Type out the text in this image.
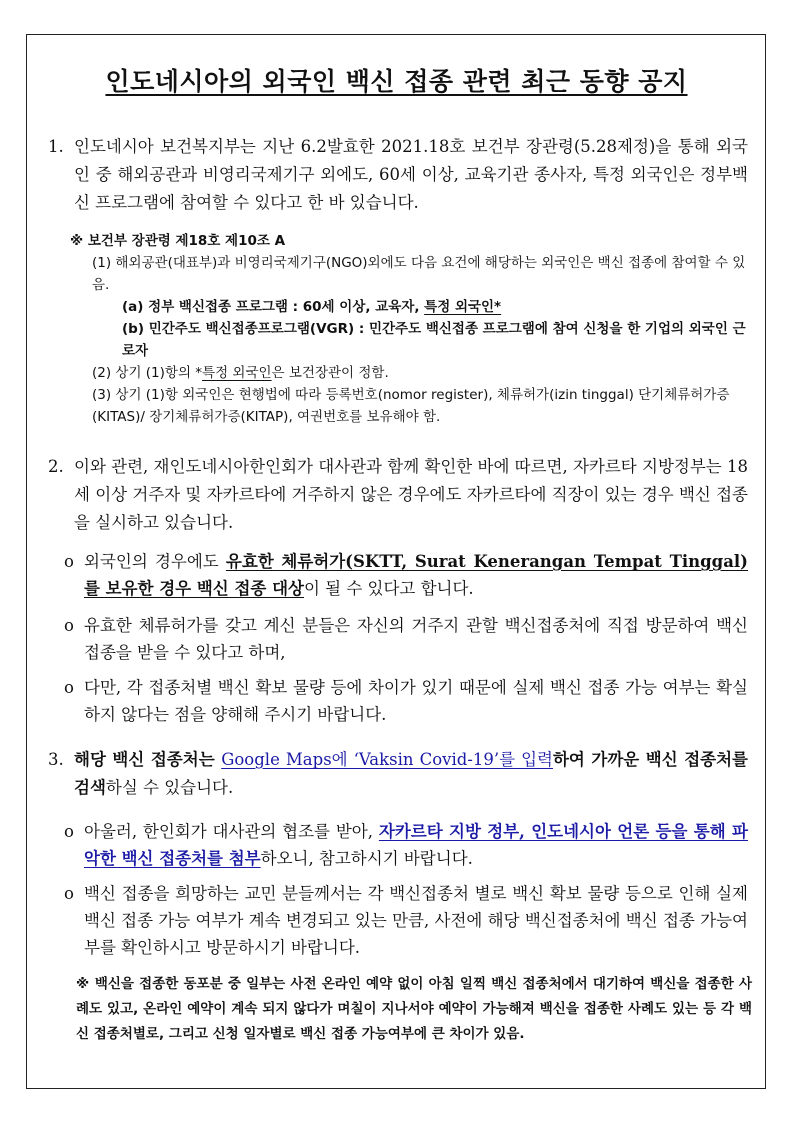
인도네시아의 외국인 백신 접종 관련 최근 동향 공지
1. 인도네시아 보건복지부는 지난 6.2발효한 2021.18호 보건부 장관령(5.28제정)을 통해 외국인 중 해외공관과 비영리국제기구 외에도, 60세 이상, 교육기관 종사자, 특정 외국인은 정부백신 프로그램에 참여할 수 있다고 한 바 있습니다.
※ 보건부 장관령 제18호 제10조 A
(1) 해외공관(대표부)과 비영리국제기구(NGO)외에도 다음 요건에 해당하는 외국인은 백신 접종에 참여할 수 있음.
(a) 정부 백신접종 프로그램 : 60세 이상, 교육자, 특정 외국인*
(b) 민간주도 백신접종프로그램(VGR) : 민간주도 백신접종 프로그램에 참여 신청을 한 기업의 외국인 근로자
(2) 상기 (1)항의 *특정 외국인은 보건장관이 정함.
(3) 상기 (1)항 외국인은 현행법에 따라 등록번호(nomor register), 체류허가(izin tinggal) 단기체류허가증(KITAS)/ 장기체류허가증(KITAP), 여권번호를 보유해야 함.
2. 이와 관련, 재인도네시아한인회가 대사관과 함께 확인한 바에 따르면, 자카르타 지방정부는 18세 이상 거주자 및 자카르타에 거주하지 않은 경우에도 자카르타에 직장이 있는 경우 백신 접종을 실시하고 있습니다.
o 외국인의 경우에도 유효한 체류허가(SKTT, Surat Kenerangan Tempat Tinggal)를 보유한 경우 백신 접종 대상이 될 수 있다고 합니다.
o 유효한 체류허가를 갖고 계신 분들은 자신의 거주지 관할 백신접종처에 직접 방문하여 백신 접종을 받을 수 있다고 하며,
o 다만, 각 접종처별 백신 확보 물량 등에 차이가 있기 때문에 실제 백신 접종 가능 여부는 확실하지 않다는 점을 양해해 주시기 바랍니다.
3. 해당 백신 접종처는 Google Maps에 ‘Vaksin Covid-19’를 입력하여 가까운 백신 접종처를 검색하실 수 있습니다.
o 아울러, 한인회가 대사관의 협조를 받아, 자카르타 지방 정부, 인도네시아 언론 등을 통해 파악한 백신 접종처를 첨부하오니, 참고하시기 바랍니다.
o 백신 접종을 희망하는 교민 분들께서는 각 백신접종처 별로 백신 확보 물량 등으로 인해 실제 백신 접종 가능 여부가 계속 변경되고 있는 만큼, 사전에 해당 백신접종처에 백신 접종 가능여부를 확인하시고 방문하시기 바랍니다.
※ 백신을 접종한 동포분 중 일부는 사전 온라인 예약 없이 아침 일찍 백신 접종처에서 대기하여 백신을 접종한 사례도 있고, 온라인 예약이 계속 되지 않다가 며칠이 지나서야 예약이 가능해져 백신을 접종한 사례도 있는 등 각 백신 접종처별로, 그리고 신청 일자별로 백신 접종 가능여부에 큰 차이가 있음.
